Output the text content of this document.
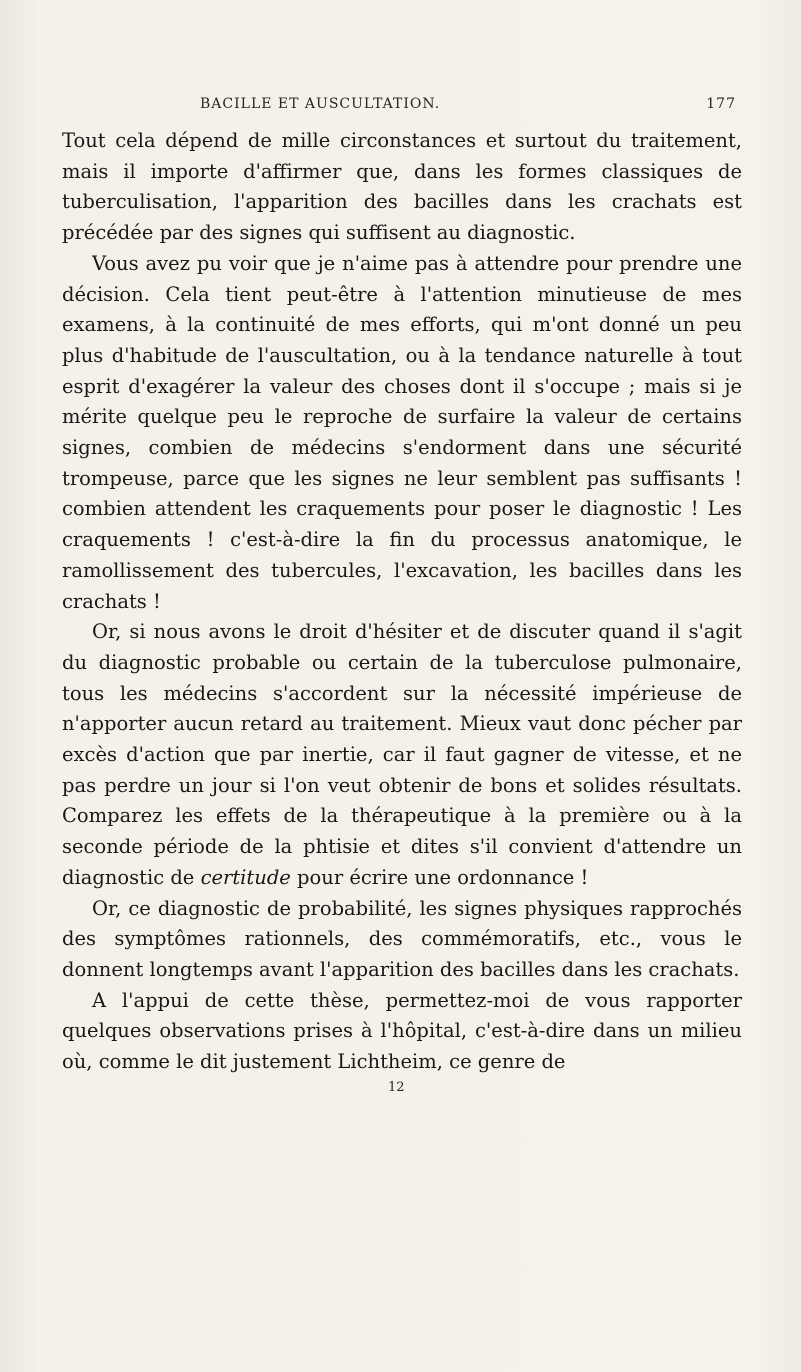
BACILLE ET AUSCULTATION.	177

Tout cela dépend de mille circonstances et surtout du traitement, mais il importe d'affirmer que, dans les formes classiques de tuberculisation, l'apparition des bacilles dans les crachats est précédée par des signes qui suffisent au diagnostic.

Vous avez pu voir que je n'aime pas à attendre pour prendre une décision. Cela tient peut-être à l'attention minutieuse de mes examens, à la continuité de mes efforts, qui m'ont donné un peu plus d'habitude de l'auscultation, ou à la tendance naturelle à tout esprit d'exagérer la valeur des choses dont il s'occupe ; mais si je mérite quelque peu le reproche de surfaire la valeur de certains signes, combien de médecins s'endorment dans une sécurité trompeuse, parce que les signes ne leur semblent pas suffisants ! combien attendent les craquements pour poser le diagnostic ! Les craquements ! c'est-à-dire la fin du processus anatomique, le ramollissement des tubercules, l'excavation, les bacilles dans les crachats !

Or, si nous avons le droit d'hésiter et de discuter quand il s'agit du diagnostic probable ou certain de la tuberculose pulmonaire, tous les médecins s'accordent sur la nécessité impérieuse de n'apporter aucun retard au traitement. Mieux vaut donc pécher par excès d'action que par inertie, car il faut gagner de vitesse, et ne pas perdre un jour si l'on veut obtenir de bons et solides résultats. Comparez les effets de la thérapeutique à la première ou à la seconde période de la phtisie et dites s'il convient d'attendre un diagnostic de certitude pour écrire une ordonnance !

Or, ce diagnostic de probabilité, les signes physiques rapprochés des symptômes rationnels, des commémoratifs, etc., vous le donnent longtemps avant l'apparition des bacilles dans les crachats.

A l'appui de cette thèse, permettez-moi de vous rapporter quelques observations prises à l'hôpital, c'est-à-dire dans un milieu où, comme le dit justement Lichtheim, ce genre de

12
